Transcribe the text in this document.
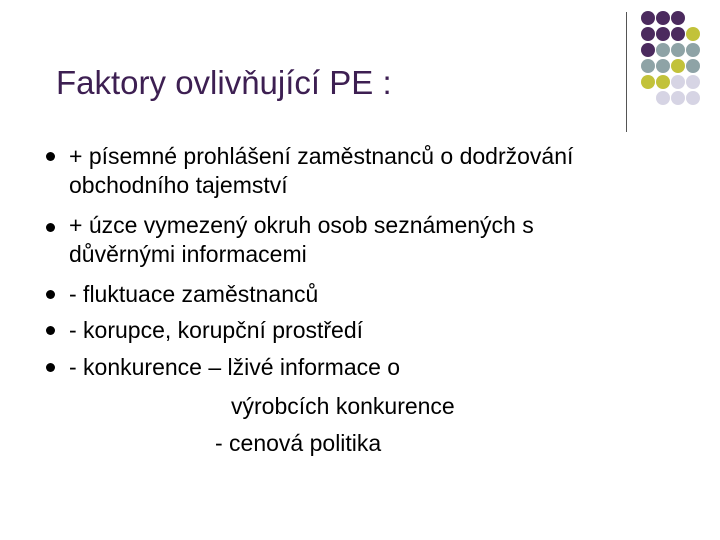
Faktory ovlivňující PE :
+ písemné prohlášení zaměstnanců o dodržování
obchodního tajemství
+ úzce vymezený okruh osob seznámených s
důvěrnými informacemi
- fluktuace zaměstnanců
- korupce, korupční prostředí
- konkurence – lživé informace o
výrobcích konkurence
- cenová politika
